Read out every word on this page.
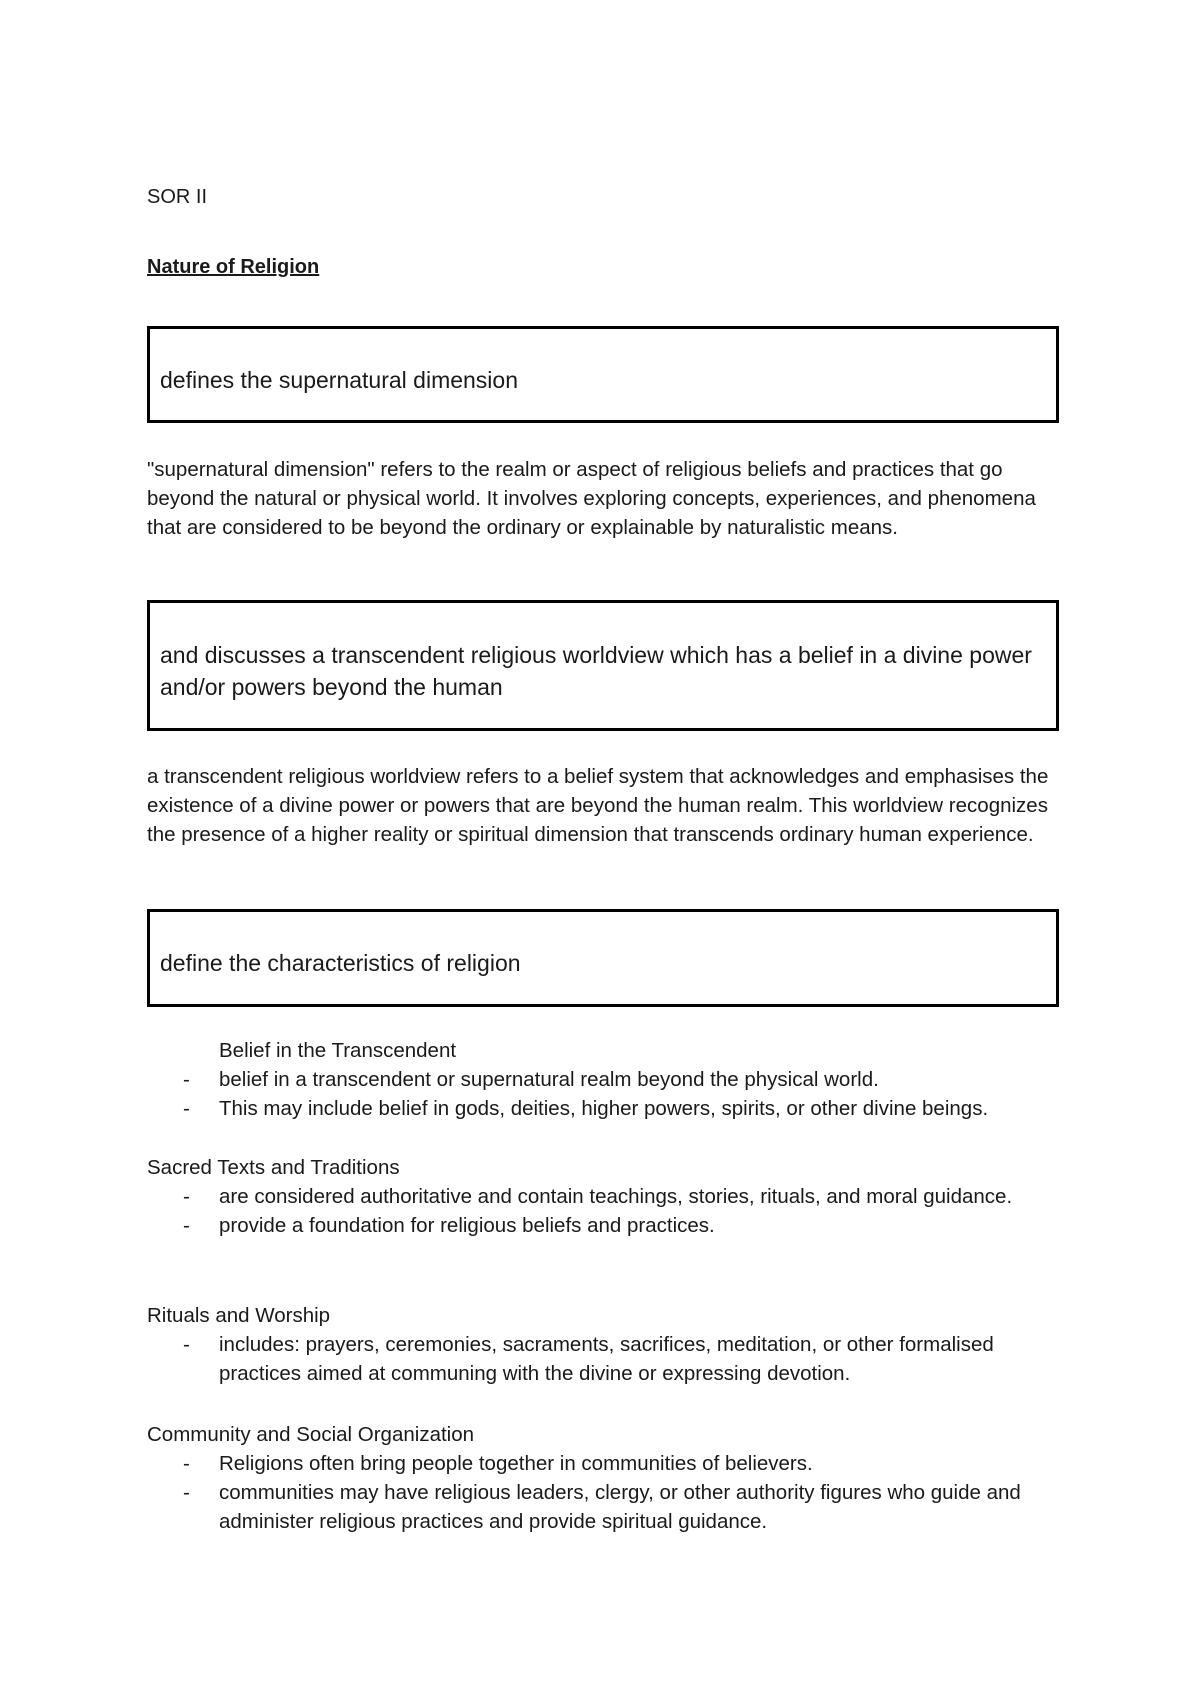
SOR II

Nature of Religion

defines the supernatural dimension

"supernatural dimension" refers to the realm or aspect of religious beliefs and practices that go beyond the natural or physical world. It involves exploring concepts, experiences, and phenomena that are considered to be beyond the ordinary or explainable by naturalistic means.

and discusses a transcendent religious worldview which has a belief in a divine power and/or powers beyond the human

a transcendent religious worldview refers to a belief system that acknowledges and emphasises the existence of a divine power or powers that are beyond the human realm. This worldview recognizes the presence of a higher reality or spiritual dimension that transcends ordinary human experience.

define the characteristics of religion

Belief in the Transcendent

- belief in a transcendent or supernatural realm beyond the physical world.
- This may include belief in gods, deities, higher powers, spirits, or other divine beings.

Sacred Texts and Traditions

- are considered authoritative and contain teachings, stories, rituals, and moral guidance.
- provide a foundation for religious beliefs and practices.

Rituals and Worship

- includes: prayers, ceremonies, sacraments, sacrifices, meditation, or other formalised practices aimed at communing with the divine or expressing devotion.

Community and Social Organization

- Religions often bring people together in communities of believers.
- communities may have religious leaders, clergy, or other authority figures who guide and administer religious practices and provide spiritual guidance.
